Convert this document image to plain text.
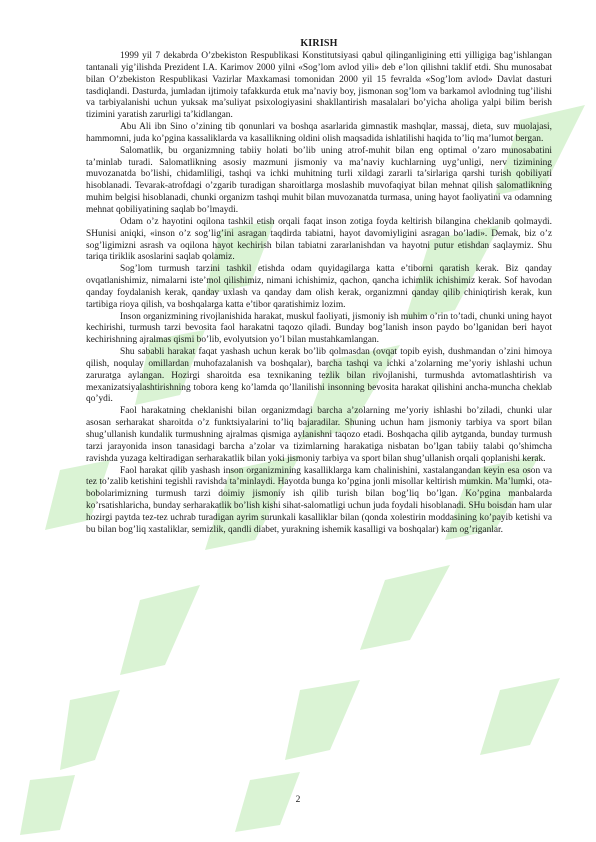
KIRISH

1999 yil 7 dekabrda O’zbekiston Respublikasi Konstitutsiyasi qabul qilinganligining etti yilligiga bag’ishlangan tantanali yig’ilishda Prezident I.A. Karimov 2000 yilni «Sog’lom avlod yili» deb e’lon qilishni taklif etdi. Shu munosabat bilan O’zbekiston Respublikasi Vazirlar Maxkamasi tomonidan 2000 yil 15 fevralda «Sog’lom avlod» Davlat dasturi tasdiqlandi. Dasturda, jumladan ijtimoiy tafakkurda etuk ma’naviy boy, jismonan sog’lom va barkamol avlodning tug’ilishi va tarbiyalanishi uchun yuksak ma’suliyat psixologiyasini shakllantirish masalalari bo’yicha aholiga yalpi bilim berish tizimini yaratish zarurligi ta’kidlangan.

Abu Ali ibn Sino o’zining tib qonunlari va boshqa asarlarida gimnastik mashqlar, massaj, dieta, suv muolajasi, hammomni, juda ko’pgina kassaliklarda va kasallikning oldini olish maqsadida ishlatilishi haqida to’liq ma’lumot bergan.

Salomatlik, bu organizmning tabiiy holati bo’lib uning atrof-muhit bilan eng optimal o’zaro munosabatini ta’minlab turadi. Salomatlikning asosiy mazmuni jismoniy va ma’naviy kuchlarning uyg’unligi, nerv tizimining muvozanatda bo’lishi, chidamliligi, tashqi va ichki muhitning turli xildagi zararli ta’sirlariga qarshi turish qobiliyati hisoblanadi. Tevarak-atrofdagi o’zgarib turadigan sharoitlarga moslashib muvofaqiyat bilan mehnat qilish salomatlikning muhim belgisi hisoblanadi, chunki organizm tashqi muhit bilan muvozanatda turmasa, uning hayot faoliyatini va odamning mehnat qobiliyatining saqlab bo’lmaydi.

Odam o’z hayotini oqilona tashkil etish orqali faqat inson zotiga foyda keltirish bilangina cheklanib qolmaydi. SHunisi aniqki, «inson o’z sog’lig’ini asragan taqdirda tabiatni, hayot davomiyligini asragan bo’ladi». Demak, biz o’z sog’ligimizni asrash va oqilona hayot kechirish bilan tabiatni zararlanishdan va hayotni putur etishdan saqlaymiz. Shu tariqa tiriklik asoslarini saqlab qolamiz.

Sog’lom turmush tarzini tashkil etishda odam quyidagilarga katta e’tiborni qaratish kerak. Biz qanday ovqatlanishimiz, nimalarni iste’mol qilishimiz, nimani ichishimiz, qachon, qancha ichimlik ichishimiz kerak. Sof havodan qanday foydalanish kerak, qanday uxlash va qanday dam olish kerak, organizmni qanday qilib chiniqtirish kerak, kun tartibiga rioya qilish, va boshqalarga katta e’tibor qaratishimiz lozim.

Inson organizmining rivojlanishida harakat, muskul faoliyati, jismoniy ish muhim o’rin to’tadi, chunki uning hayot kechirishi, turmush tarzi bevosita faol harakatni taqozo qiladi. Bunday bog’lanish inson paydo bo’lganidan beri hayot kechirishning ajralmas qismi bo’lib, evolyutsion yo’l bilan mustahkamlangan.

Shu sababli harakat faqat yashash uchun kerak bo’lib qolmasdan (ovqat topib eyish, dushmandan o’zini himoya qilish, noqulay omillardan muhofazalanish va boshqalar), barcha tashqi va ichki a’zolarning me’yoriy ishlashi uchun zaruratga aylangan. Hozirgi sharoitda esa texnikaning tezlik bilan rivojlanishi, turmushda avtomatlashtirish va mexanizatsiyalashtirishning tobora keng ko’lamda qo’llanilishi insonning bevosita harakat qilishini ancha-muncha cheklab qo’ydi.

Faol harakatning cheklanishi bilan organizmdagi barcha a’zolarning me’yoriy ishlashi bo’ziladi, chunki ular asosan serharakat sharoitda o’z funktsiyalarini to’liq bajaradilar. Shuning uchun ham jismoniy tarbiya va sport bilan shug’ullanish kundalik turmushning ajralmas qismiga aylanishni taqozo etadi. Boshqacha qilib aytganda, bunday turmush tarzi jarayonida inson tanasidagi barcha a’zolar va tizimlarning harakatiga nisbatan bo’lgan tabiiy talabi qo’shimcha ravishda yuzaga keltiradigan serharakatlik bilan yoki jismoniy tarbiya va sport bilan shug’ullanish orqali qoplanishi kerak.

Faol harakat qilib yashash inson organizmining kasalliklarga kam chalinishini, xastalangandan keyin esa oson va tez to’zalib ketishini tegishli ravishda ta’minlaydi. Hayotda bunga ko’pgina jonli misollar keltirish mumkin. Ma’lumki, ota-bobolarimizning turmush tarzi doimiy jismoniy ish qilib turish bilan bog’liq bo’lgan. Ko’pgina manbalarda ko’rsatishlaricha, bunday serharakatlik bo’lish kishi sihat-salomatligi uchun juda foydali hisoblanadi. SHu boisdan ham ular hozirgi paytda tez-tez uchrab turadigan ayrim surunkali kasalliklar bilan (qonda xolestirin moddasining ko’payib ketishi va bu bilan bog’liq xastaliklar, semizlik, qandli diabet, yurakning ishemik kasalligi va boshqalar) kam og’riganlar.

2
